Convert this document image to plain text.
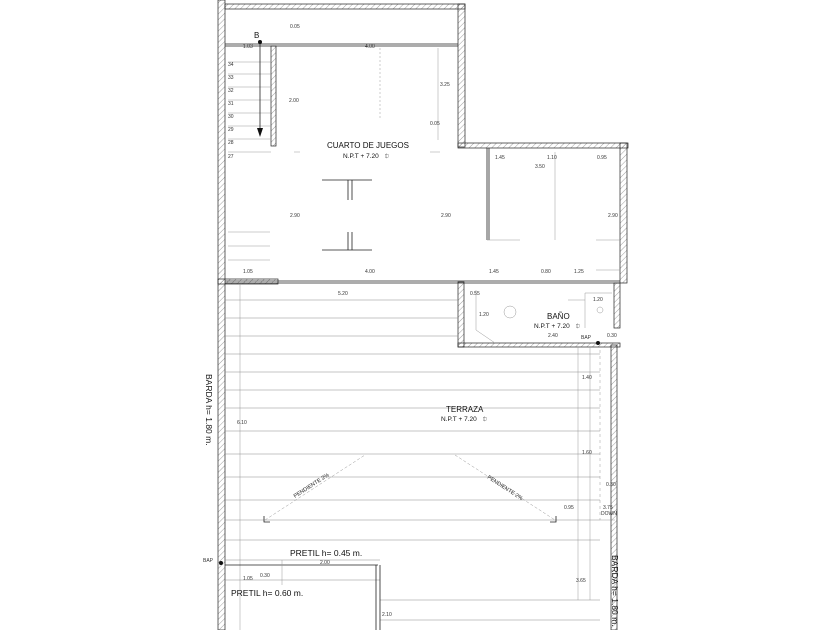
34
33
32
31
30
29
28
27
B
PENDIENTE 2%	PENDIENTE 2%
CUARTO DE JUEGOS
N.P.T + 7.20 ⯐
BAÑO
N.P.T + 7.20 ⯐
TERRAZA
N.P.T + 7.20 ⯐
BARDA h= 1.80 m.
BARDA h= 1.80 m.
PRETIL h= 0.45 m.
PRETIL h= 0.60 m.
BAP
BAP
0.05
1.03	4.00
3.25
2.00
0.05
1.45	1.10	0.95
3.50
2.90	2.90	2.90
1.05	4.00	1.45	0.80	1.25
5.20	0.55
1.20
1.20
2.40	0.30
1.40
6.10
1.60
0.30
0.95	3.75
DOWN
2.00
1.05 0.30
3.65
2.10
